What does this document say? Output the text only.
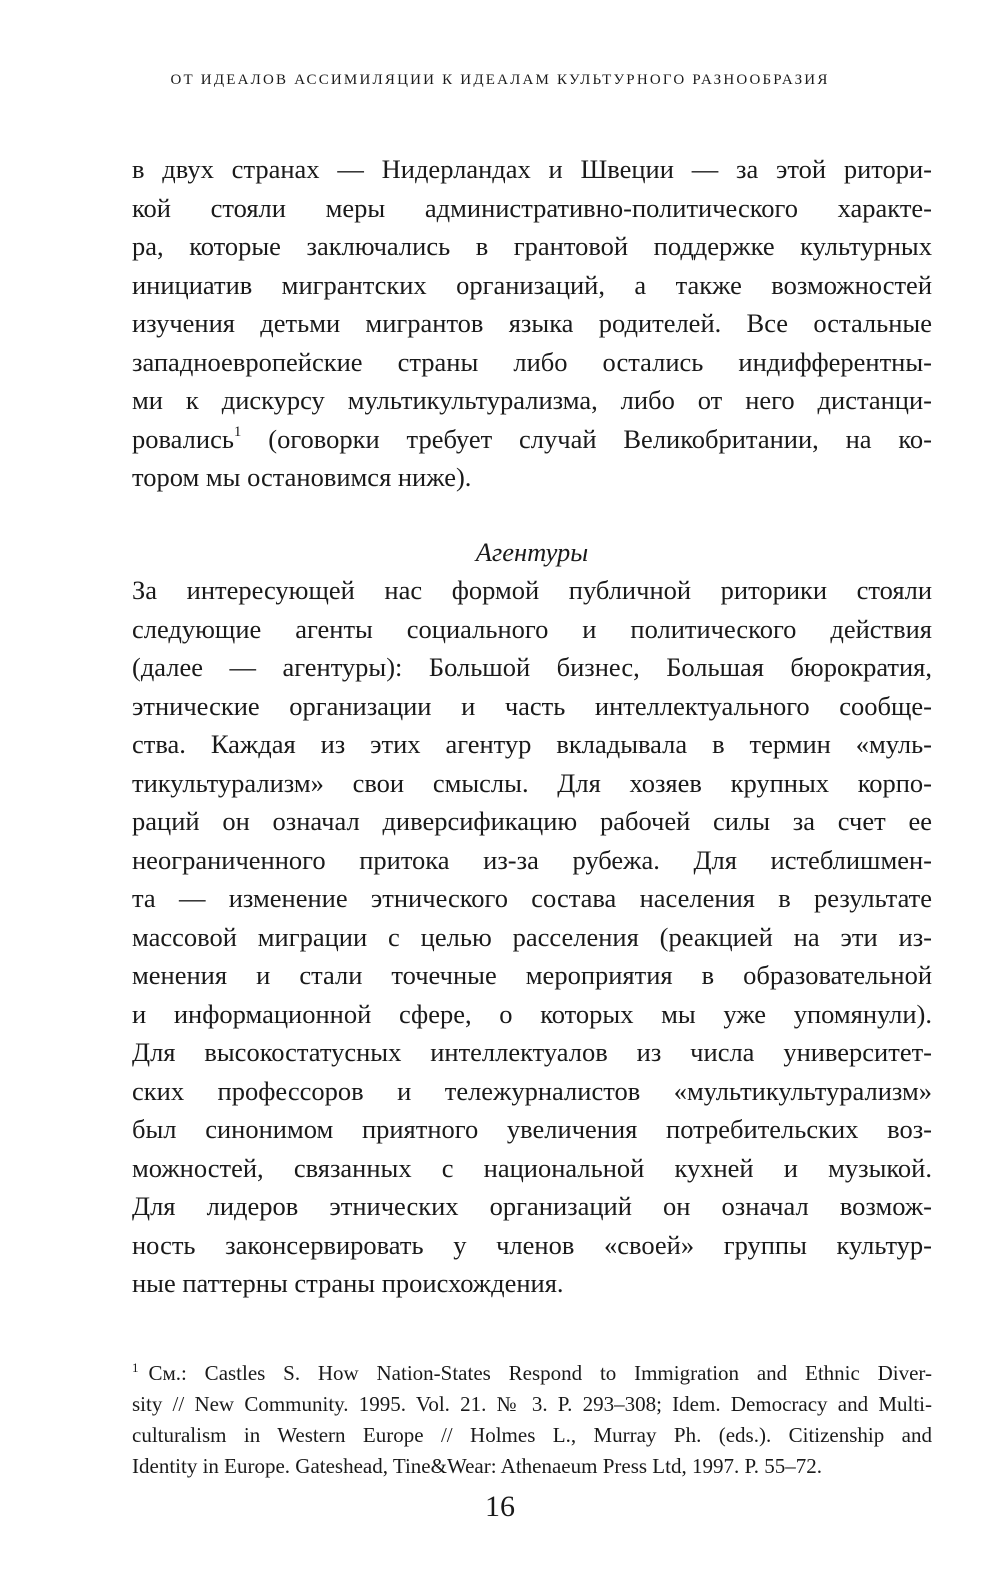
ОТ ИДЕАЛОВ АССИМИЛЯЦИИ К ИДЕАЛАМ КУЛЬТУРНОГО РАЗНООБРАЗИЯ
в двух странах — Нидерландах и Швеции — за этой ритори-
кой стояли меры административно-политического характе-
ра, которые заключались в грантовой поддержке культурных
инициатив мигрантских организаций, а также возможностей
изучения детьми мигрантов языка родителей. Все остальные
западноевропейские страны либо остались индифферентны-
ми к дискурсу мультикультурализма, либо от него дистанци-
ровались$^1$ (оговорки требует случай Великобритании, на ко-
тором мы остановимся ниже).
Агентуры
За интересующей нас формой публичной риторики стояли
следующие агенты социального и политического действия
(далее — агентуры): Большой бизнес, Большая бюрократия,
этнические организации и часть интеллектуального сообще-
ства. Каждая из этих агентур вкладывала в термин «муль-
тикультурализм» свои смыслы. Для хозяев крупных корпо-
раций он означал диверсификацию рабочей силы за счет ее
неограниченного притока из-за рубежа. Для истеблишмен-
та — изменение этнического состава населения в результате
массовой миграции с целью расселения (реакцией на эти из-
менения и стали точечные мероприятия в образовательной
и информационной сфере, о которых мы уже упомянули).
Для высокостатусных интеллектуалов из числа университет-
ских профессоров и тележурналистов «мультикультурализм»
был синонимом приятного увеличения потребительских воз-
можностей, связанных с национальной кухней и музыкой.
Для лидеров этнических организаций он означал возмож-
ность законсервировать у членов «своей» группы культур-
ные паттерны страны происхождения.
$^1$ См.: Castles S. How Nation-States Respond to Immigration and Ethnic Diver-
sity // New Community. 1995. Vol. 21. № 3. P. 293–308; Idem. Democracy and Multi-
culturalism in Western Europe // Holmes L., Murray Ph. (eds.). Citizenship and
Identity in Europe. Gateshead, Tine&Wear: Athenaeum Press Ltd, 1997. P. 55–72.
16
